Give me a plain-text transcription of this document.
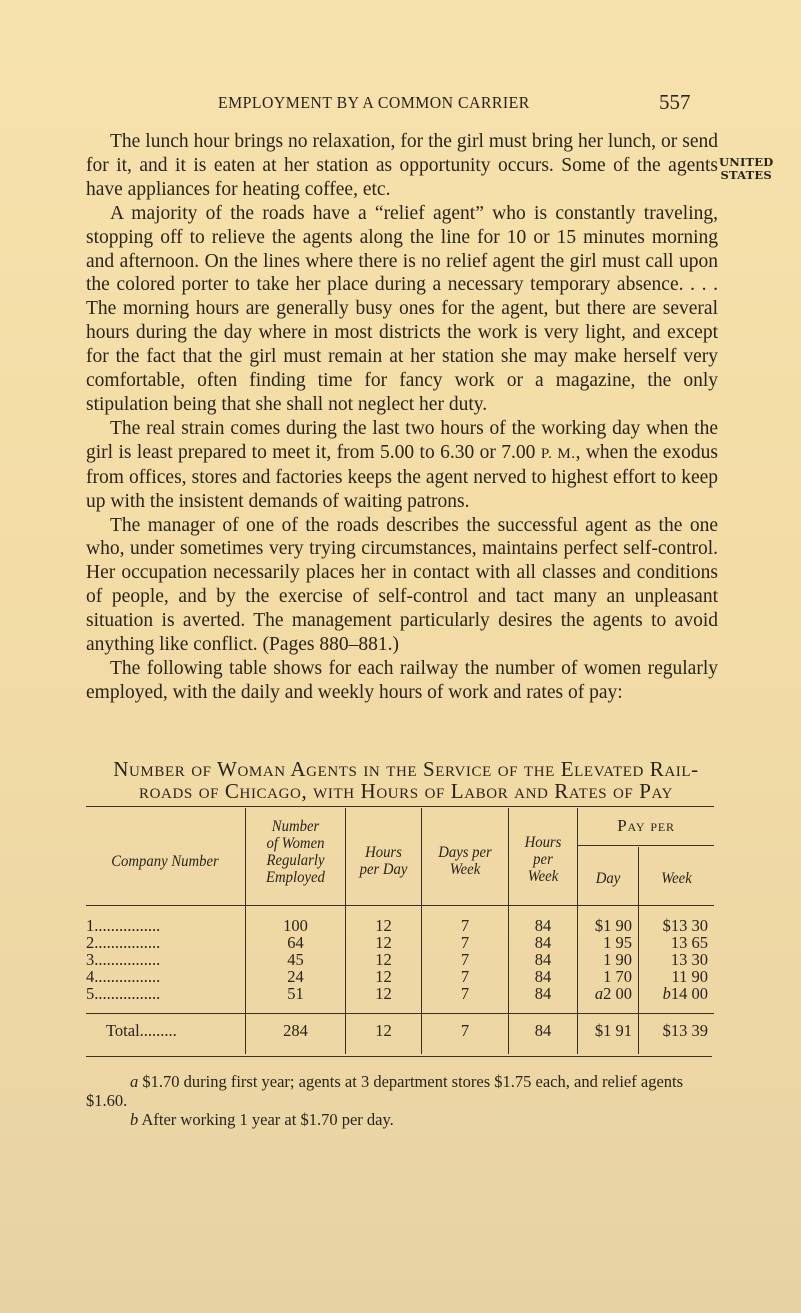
EMPLOYMENT BY A COMMON CARRIER	557
UNITED
STATES

The lunch hour brings no relaxation, for the girl must bring her lunch, or send for it, and it is eaten at her station as opportunity occurs. Some of the agents have appliances for heating coffee, etc.

A majority of the roads have a “relief agent” who is constantly traveling, stopping off to relieve the agents along the line for 10 or 15 minutes morning and afternoon. On the lines where there is no relief agent the girl must call upon the colored porter to take her place during a necessary temporary absence. . . . The morning hours are generally busy ones for the agent, but there are several hours during the day where in most districts the work is very light, and except for the fact that the girl must remain at her station she may make herself very comfortable, often finding time for fancy work or a magazine, the only stipulation being that she shall not neglect her duty.

The real strain comes during the last two hours of the working day when the girl is least prepared to meet it, from 5.00 to 6.30 or 7.00 P. M., when the exodus from offices, stores and factories keeps the agent nerved to highest effort to keep up with the insistent demands of waiting patrons.

The manager of one of the roads describes the successful agent as the one who, under sometimes very trying circumstances, maintains perfect self-control. Her occupation necessarily places her in contact with all classes and conditions of people, and by the exercise of self-control and tact many an unpleasant situation is averted. The management particularly desires the agents to avoid anything like conflict. (Pages 880–881.)

The following table shows for each railway the number of women regularly employed, with the daily and weekly hours of work and rates of pay:

Number of Woman Agents in the Service of the Elevated Rail-
roads of Chicago, with Hours of Labor and Rates of Pay
Company Number
Number
of Women
Regularly
Employed
Hours
per Day
Days per
Week
Hours
per
Week
Pay per
Day	Week
1................	100	12	7	84	$1 90	$13 30
2................	64	12	7	84	1 95	13 65
3................	45	12	7	84	1 90	13 30
4................	24	12	7	84	1 70	11 90
5................	51	12	7	84	a2 00	b14 00
Total.........	284	12	7	84	$1 91	$13 39

a $1.70 during first year; agents at 3 department stores $1.75 each, and relief agents $1.60.

b After working 1 year at $1.70 per day.
